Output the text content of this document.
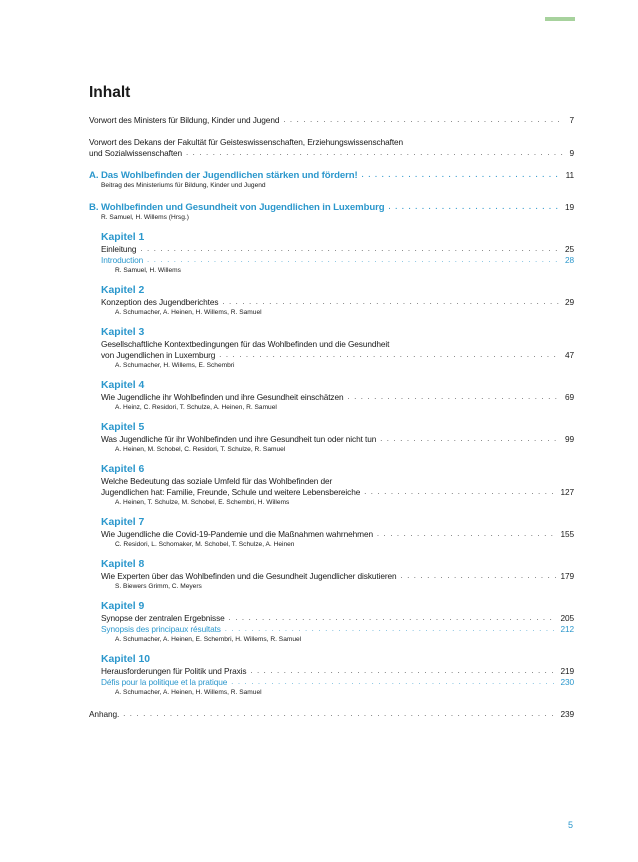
Inhalt
Vorwort des Ministers für Bildung, Kinder und Jugend . . .	7
Vorwort des Dekans der Fakultät für Geisteswissenschaften, Erziehungswissenschaften
und Sozialwissenschaften . . .	9
A. Das Wohlbefinden der Jugendlichen stärken und fördern! . . .	11
Beitrag des Ministeriums für Bildung, Kinder und Jugend
B. Wohlbefinden und Gesundheit von Jugendlichen in Luxemburg . . .	19
R. Samuel, H. Willems (Hrsg.)
Kapitel 1
Einleitung . . .	25
Introduction . . .	28
R. Samuel, H. Willems
Kapitel 2
Konzeption des Jugendberichtes . . .	29
A. Schumacher, A. Heinen, H. Willems, R. Samuel
Kapitel 3
Gesellschaftliche Kontextbedingungen für das Wohlbefinden und die Gesundheit
von Jugendlichen in Luxemburg . . .	47
A. Schumacher, H. Willems, E. Schembri
Kapitel 4
Wie Jugendliche ihr Wohlbefinden und ihre Gesundheit einschätzen . . .	69
A. Heinz, C. Residori, T. Schulze, A. Heinen, R. Samuel
Kapitel 5
Was Jugendliche für ihr Wohlbefinden und ihre Gesundheit tun oder nicht tun . . .	99
A. Heinen, M. Schobel, C. Residori, T. Schulze, R. Samuel
Kapitel 6
Welche Bedeutung das soziale Umfeld für das Wohlbefinden der
Jugendlichen hat: Familie, Freunde, Schule und weitere Lebensbereiche . . .	127
A. Heinen, T. Schulze, M. Schobel, E. Schembri, H. Willems
Kapitel 7
Wie Jugendliche die Covid-19-Pandemie und die Maßnahmen wahrnehmen . . .	155
C. Residori, L. Schomaker, M. Schobel, T. Schulze, A. Heinen
Kapitel 8
Wie Experten über das Wohlbefinden und die Gesundheit Jugendlicher diskutieren . . .	179
S. Biewers Grimm, C. Meyers
Kapitel 9
Synopse der zentralen Ergebnisse . . .	205
Synopsis des principaux résultats . . .	212
A. Schumacher, A. Heinen, E. Schembri, H. Willems, R. Samuel
Kapitel 10
Herausforderungen für Politik und Praxis . . .	219
Défis pour la politique et la pratique . . .	230
A. Schumacher, A. Heinen, H. Willems, R. Samuel
Anhang. . . .	239
5
